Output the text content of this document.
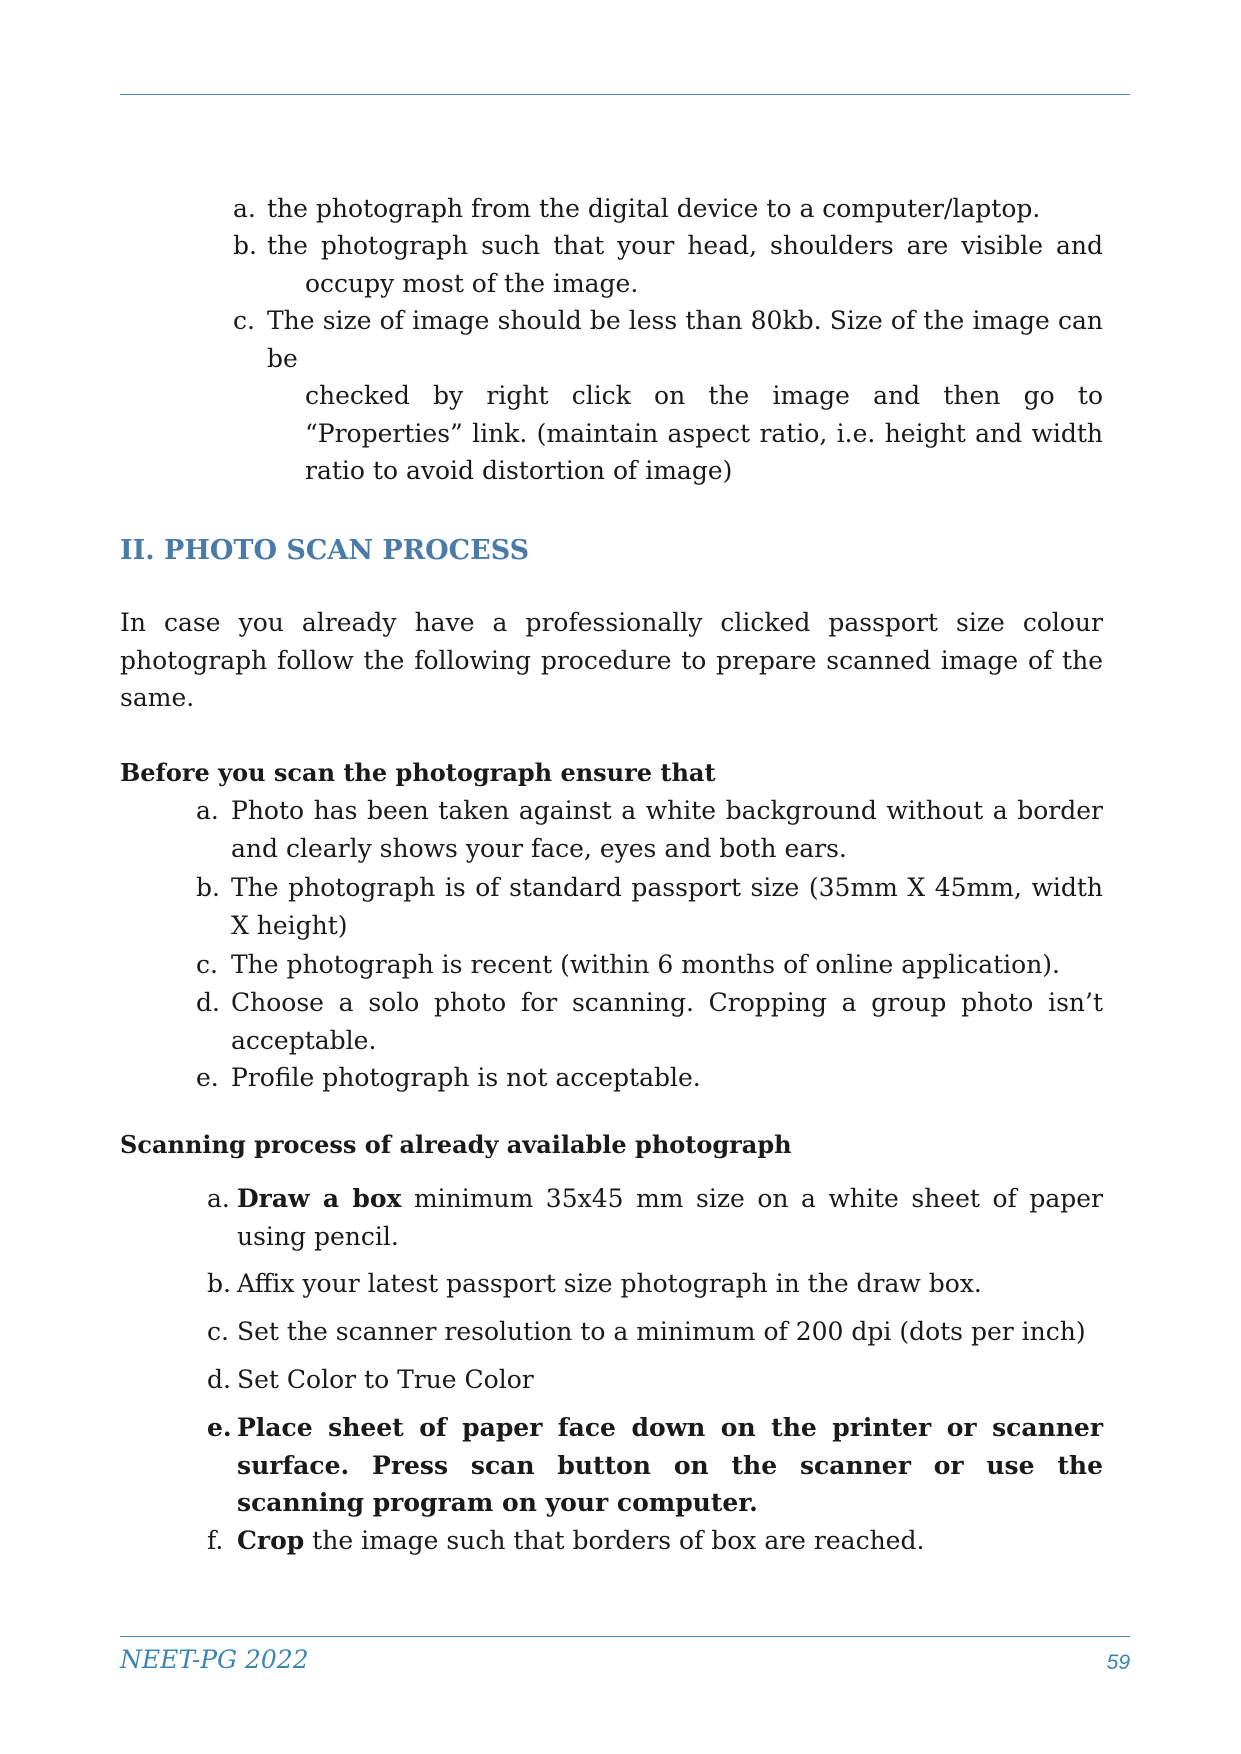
a. the photograph from the digital device to a computer/laptop.
b. the photograph such that your head, shoulders are visible and
occupy most of the image.
c. The size of image should be less than 80kb. Size of the image can be
checked by right click on the image and then go to “Properties” link. (maintain aspect ratio, i.e. height and width ratio to avoid distortion of image)
II. PHOTO SCAN PROCESS

In case you already have a professionally clicked passport size colour photograph follow the following procedure to prepare scanned image of the same.

Before you scan the photograph ensure that
a. Photo has been taken against a white background without a border and clearly shows your face, eyes and both ears.
b. The photograph is of standard passport size (35mm X 45mm, width X height)
c. The photograph is recent (within 6 months of online application).
d. Choose a solo photo for scanning. Cropping a group photo isn’t acceptable.
e. Profile photograph is not acceptable.
Scanning process of already available photograph
a. Draw a box minimum 35x45 mm size on a white sheet of paper using pencil.
b. Affix your latest passport size photograph in the draw box.
c. Set the scanner resolution to a minimum of 200 dpi (dots per inch)
d. Set Color to True Color
e. Place sheet of paper face down on the printer or scanner surface. Press scan button on the scanner or use the scanning program on your computer.
f. Crop the image such that borders of box are reached.
NEET-PG 2022	59
